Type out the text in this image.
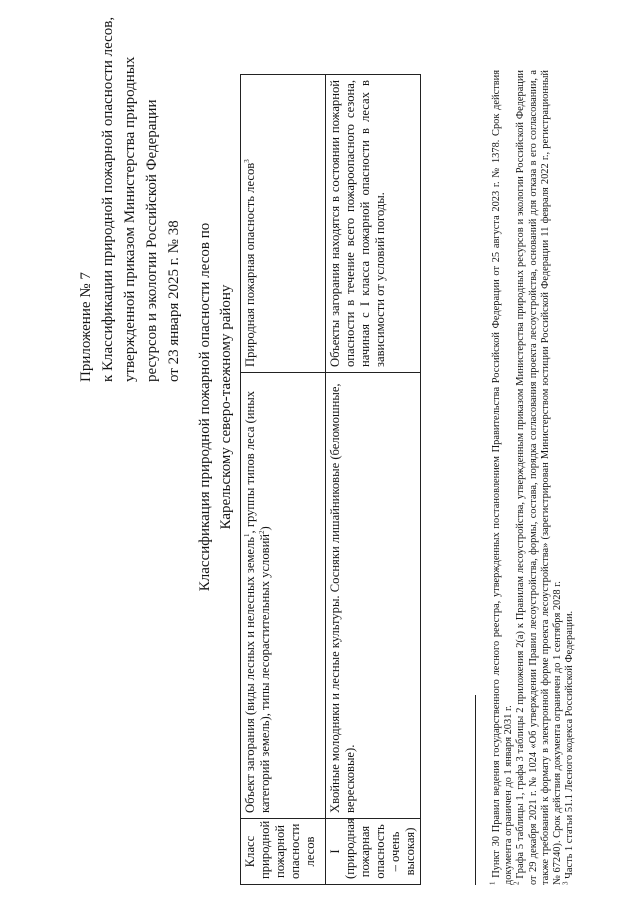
Приложение № 7 к Классификации природной пожарной опасности лесов, утвержденной приказом Министерства природных ресурсов и экологии Российской Федерации от 23 января 2025 г. № 38 Классификация природной пожарной опасности лесов по Карельскому северо-таежному району
Класс природной пожарной опасности лесов	Объект загорания (виды лесных и нелесных земель$^1$, группы типов леса (иных категорий земель), типы лесорастительных условий$^2$)	Природная пожарная опасность лесов$^3$

I (природная пожарная опасность – очень высокая)	Хвойные молодняки и лесные культуры. Сосняки лишайниковые (беломошные, вересковые).	Объекты загорания находятся в состоянии пожарной опасности в течение всего пожароопасного сезона, начиная с I класса пожарной опасности в лесах в зависимости от условий погоды.

$^1$ Пункт 30 Правил ведения государственного лесного реестра, утвержденных постановлением Правительства Российской Федерации от 25 августа 2023 г. № 1378. Срок действия документа ограничен до 1 января 2031 г.

$^2$ Графа 5 таблицы 1, графа 3 таблицы 2 приложения 2(а) к Правилам лесоустройства, утвержденным приказом Министерства природных ресурсов и экологии Российской Федерации от 29 декабря 2021 г. № 1024 «Об утверждении Правил лесоустройства, формы, состава, порядка согласования проекта лесоустройства, оснований для отказа в его согласовании, а также требований к формату в электронной форме проекта лесоустройства» (зарегистрирован Министерством юстиции Российской Федерации 11 февраля 2022 г., регистрационный № 67240). Срок действия документа ограничен до 1 сентября 2028 г.

$^3$ Часть 1 статьи 51.1 Лесного кодекса Российской Федерации.
